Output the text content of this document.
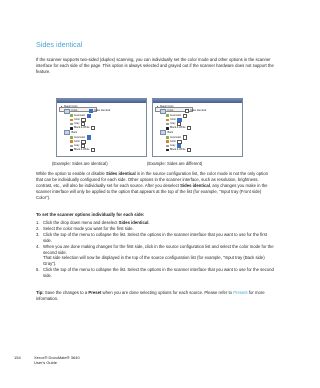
Sides identical

If the scanner supports two-sided (duplex) scanning, you can individually set the color mode and other options in the scanner interface for each side of the page. This option is always selected and grayed out if the scanner hardware does not support the feature.

▸ Stapel Color
Front	Sides identical
Automatic
Color
Gray
Black & White
Back
Automatic
Color
Gray
Black & White
▸ Stapel Color
Front	Sides identical
Automatic
Color
Gray
Black & White
Back
Automatic
Color
Gray
Black & White
(Example: Sides are identical)	(Example: Sides are different)

While the option to enable or disable Sides identical is in the source configuration list, the color mode is not the only option that can be individually configured for each side. Other options in the scanner interface, such as resolution, brightness, contrast, etc., will also be individually set for each source. After you deselect Sides identical, any changes you make in the scanner interface will only be applied to the option that appears at the top of the list (for example, "Input tray (Front side) Color").

To set the scanner options individually for each side:
1. Click the drop down menu and deselect Sides identical.
2. Select the color mode you want for the first side.
3. Click the top of the menu to collapse the list. Select the options in the scanner interface that you want to use for the first side.
4. When you are done making changes for the first side, click in the source configuration list and select the color mode for the second side.
That side selection will now be displayed in the top of the source configuration list (for example, "Input tray (Back side) Gray").
5. Click the top of the menu to collapse the list. Select the options in the scanner interface that you want to use for the second side.
Tip: Save the changes to a Preset when you are done selecting options for each source. Please refer to Presets for more information.
154	Xerox® DocuMate® 3640
User's Guide
